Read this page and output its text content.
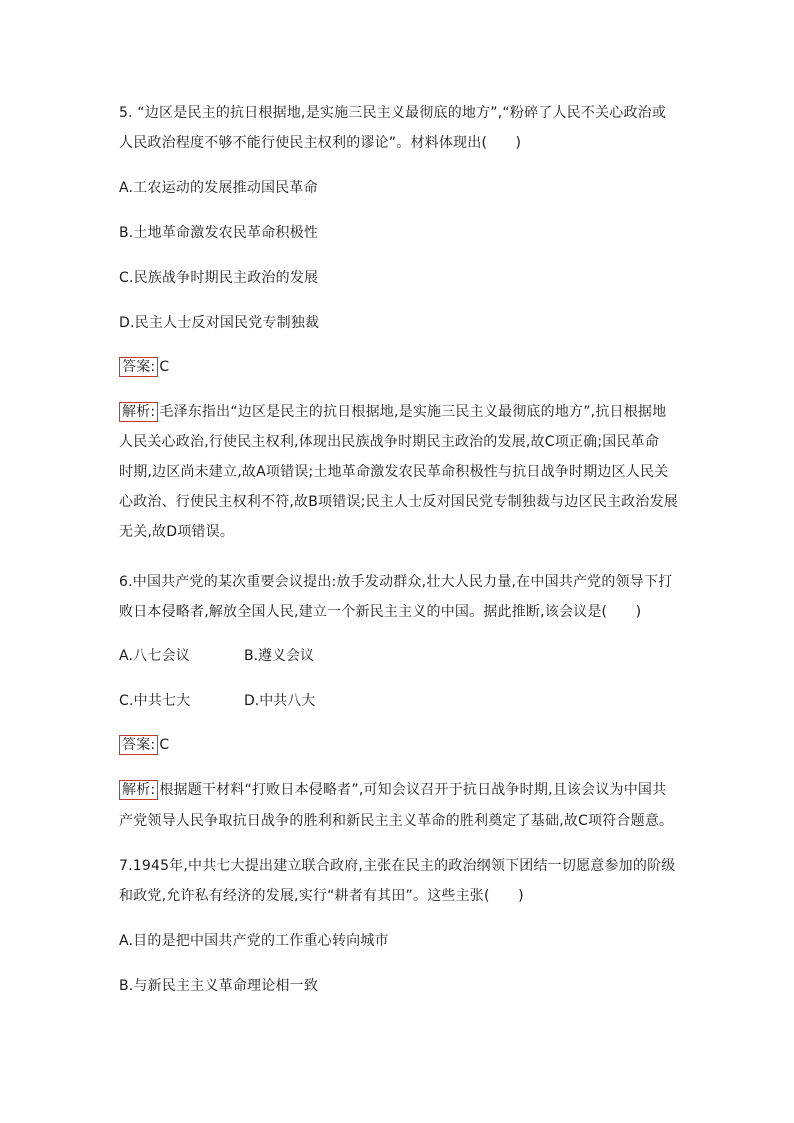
5. “边区是民主的抗日根据地,是实施三民主义最彻底的地方”,“粉碎了人民不关心政治或
人民政治程度不够不能行使民主权利的谬论”。材料体现出(　　)
A.工农运动的发展推动国民革命
B.土地革命激发农民革命积极性
C.民族战争时期民主政治的发展
D.民主人士反对国民党专制独裁
答案: C
解析: 毛泽东指出“边区是民主的抗日根据地,是实施三民主义最彻底的地方”,抗日根据地
人民关心政治,行使民主权利,体现出民族战争时期民主政治的发展,故C项正确;国民革命
时期,边区尚未建立,故A项错误;土地革命激发农民革命积极性与抗日战争时期边区人民关
心政治、行使民主权利不符,故B项错误;民主人士反对国民党专制独裁与边区民主政治发展
无关,故D项错误。
6.中国共产党的某次重要会议提出:放手发动群众,壮大人民力量,在中国共产党的领导下打
败日本侵略者,解放全国人民,建立一个新民主主义的中国。据此推断,该会议是(　　)
A.八七会议	B.遵义会议
C.中共七大	D.中共八大
答案: C
解析: 根据题干材料“打败日本侵略者”,可知会议召开于抗日战争时期,且该会议为中国共
产党领导人民争取抗日战争的胜利和新民主主义革命的胜利奠定了基础,故C项符合题意。
7.1945年,中共七大提出建立联合政府,主张在民主的政治纲领下团结一切愿意参加的阶级
和政党,允许私有经济的发展,实行“耕者有其田”。这些主张(　　)
A.目的是把中国共产党的工作重心转向城市
B.与新民主主义革命理论相一致
